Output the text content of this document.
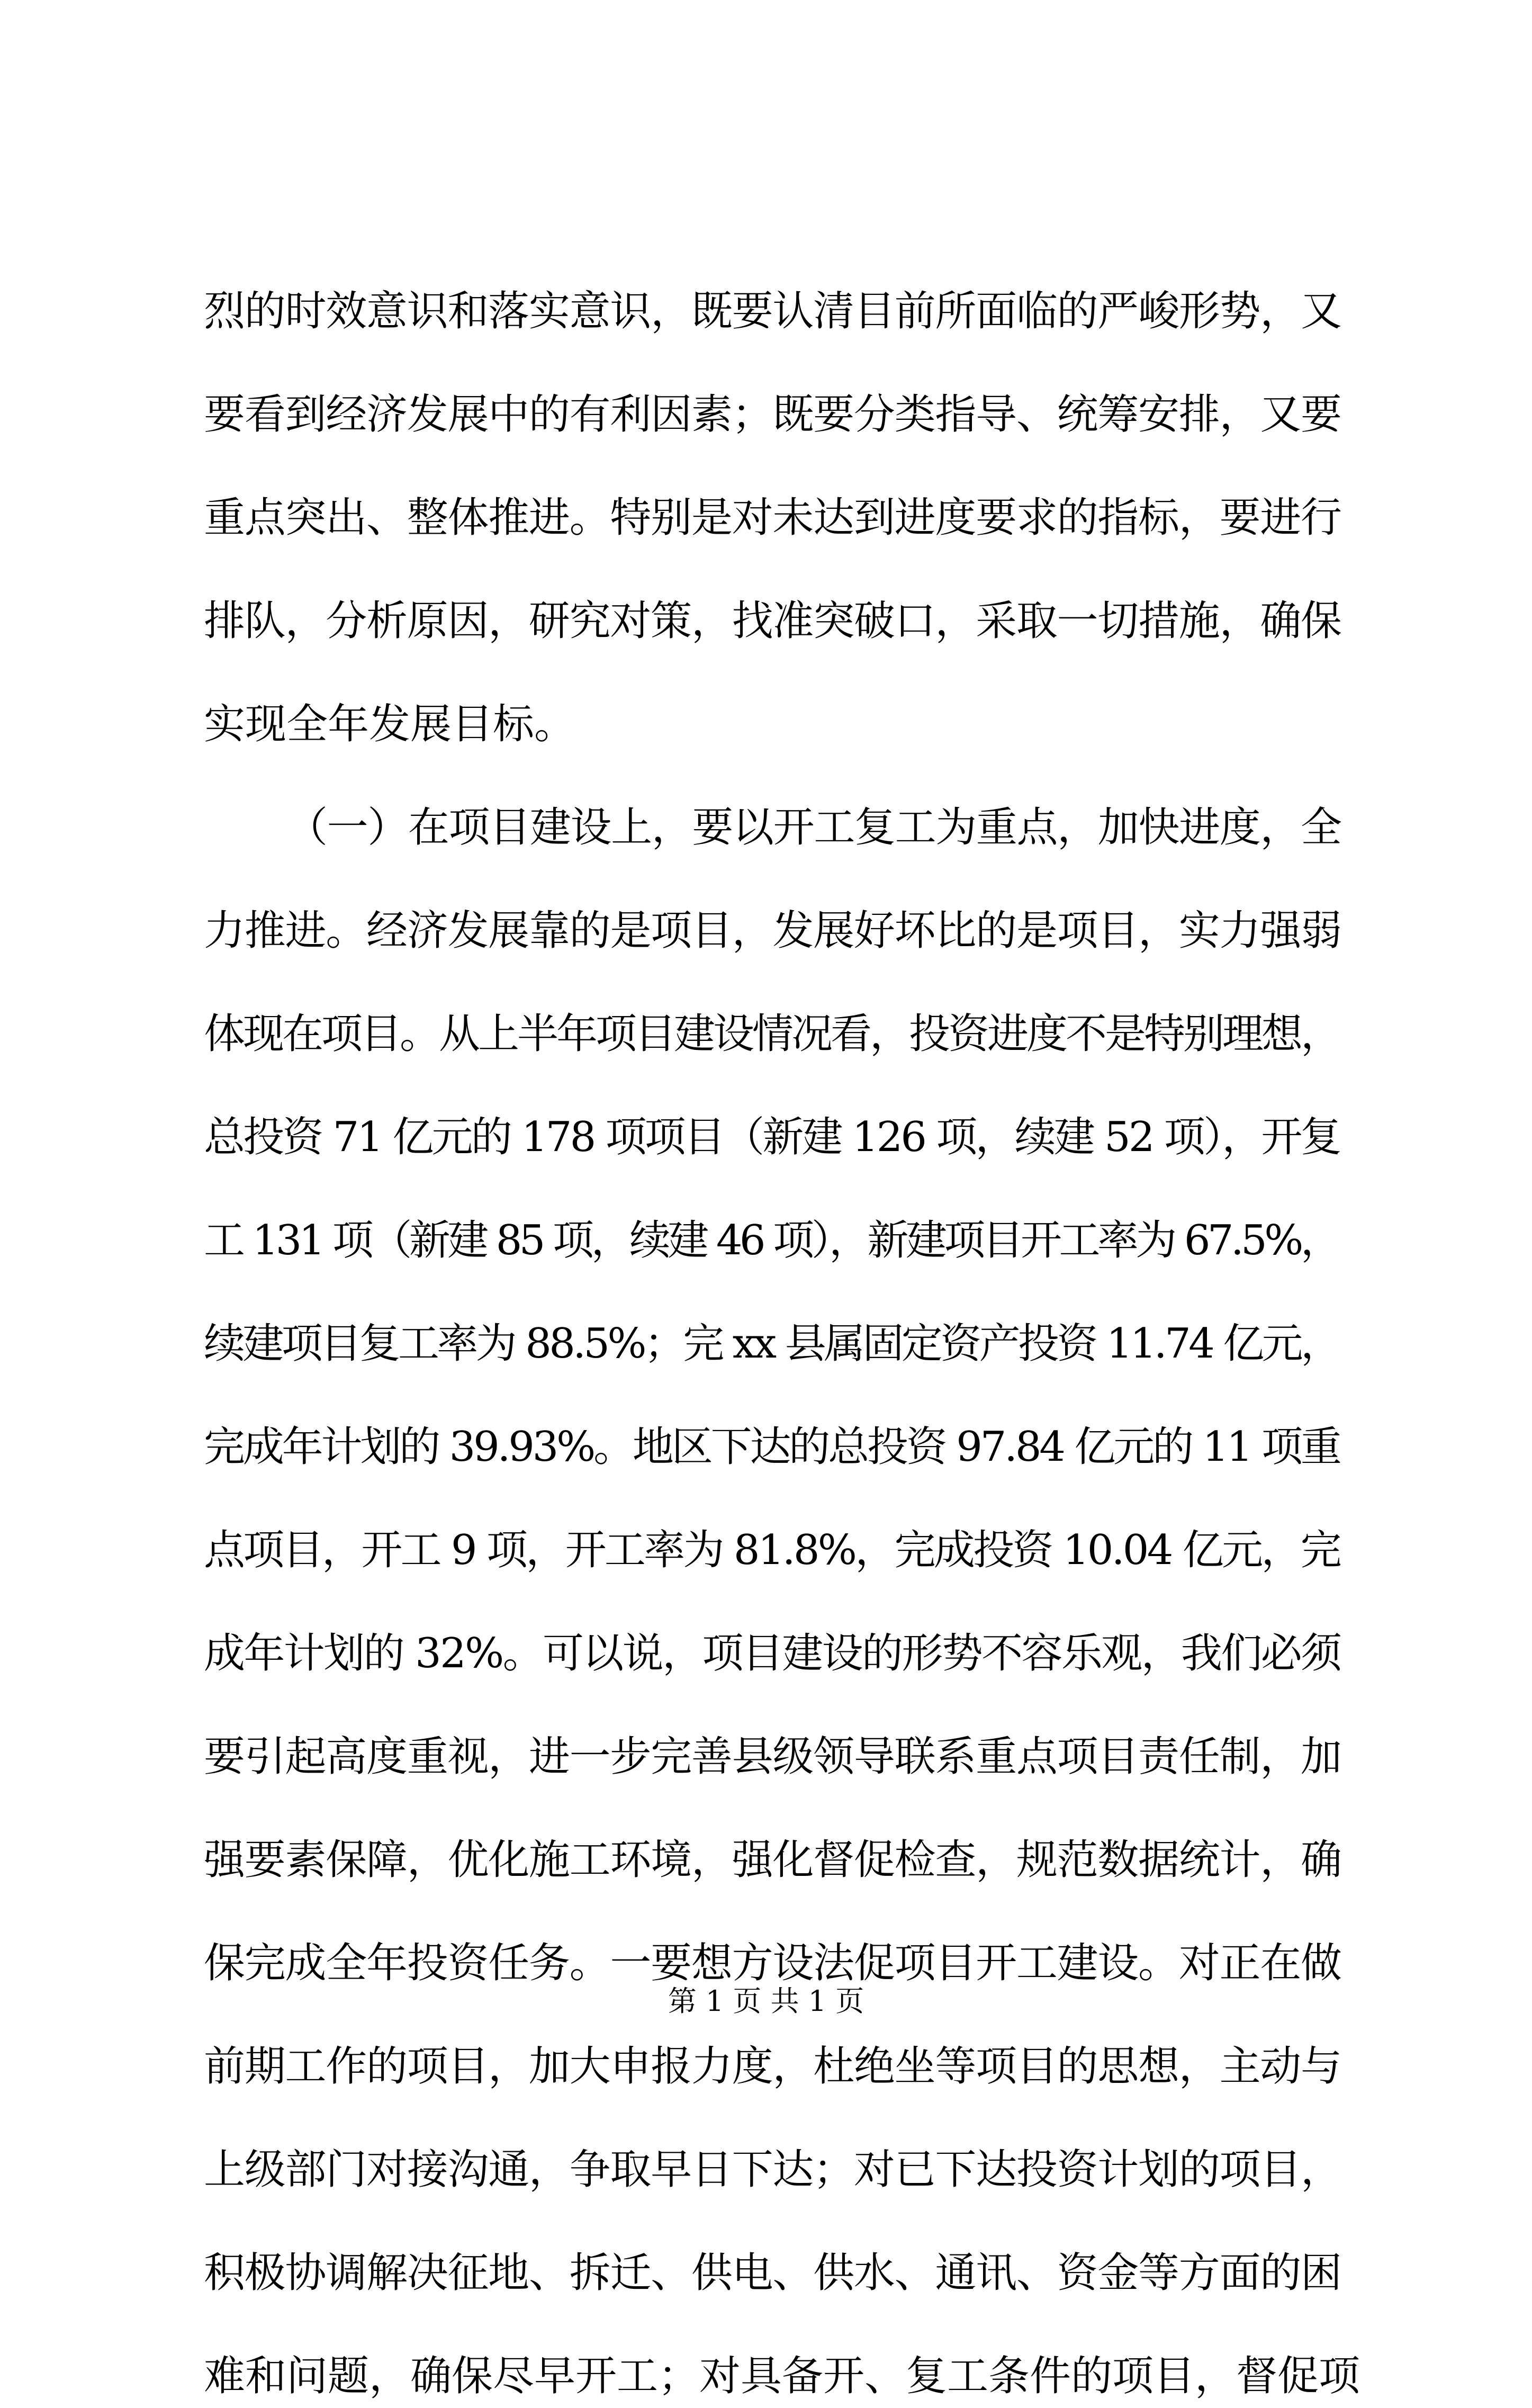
烈的时效意识和落实意识，既要认清目前所面临的严峻形势，又
要看到经济发展中的有利因素；既要分类指导、统筹安排，又要
重点突出、整体推进。特别是对未达到进度要求的指标，要进行
排队，分析原因，研究对策，找准突破口，采取一切措施，确保
实现全年发展目标。
（一）在项目建设上，要以开工复工为重点，加快进度，全
力推进。经济发展靠的是项目，发展好坏比的是项目，实力强弱
体现在项目。从上半年项目建设情况看，投资进度不是特别理想，
总投资 71 亿元的 178 项项目（新建 126 项，续建 52 项），开复
工 131 项（新建 85 项，续建 46 项），新建项目开工率为 67.5%，
续建项目复工率为 88.5%；完 xx 县属固定资产投资 11.74 亿元，
完成年计划的 39.93%。地区下达的总投资 97.84 亿元的 11 项重
点项目，开工 9 项，开工率为 81.8%，完成投资 10.04 亿元，完
成年计划的 32%。可以说，项目建设的形势不容乐观，我们必须
要引起高度重视，进一步完善县级领导联系重点项目责任制，加
强要素保障，优化施工环境，强化督促检查，规范数据统计，确
保完成全年投资任务。一要想方设法促项目开工建设。对正在做
前期工作的项目，加大申报力度，杜绝坐等项目的思想，主动与
上级部门对接沟通，争取早日下达；对已下达投资计划的项目，
积极协调解决征地、拆迁、供电、供水、通讯、资金等方面的困
难和问题，确保尽早开工；对具备开、复工条件的项目，督促项
第 1 页 共 1 页
